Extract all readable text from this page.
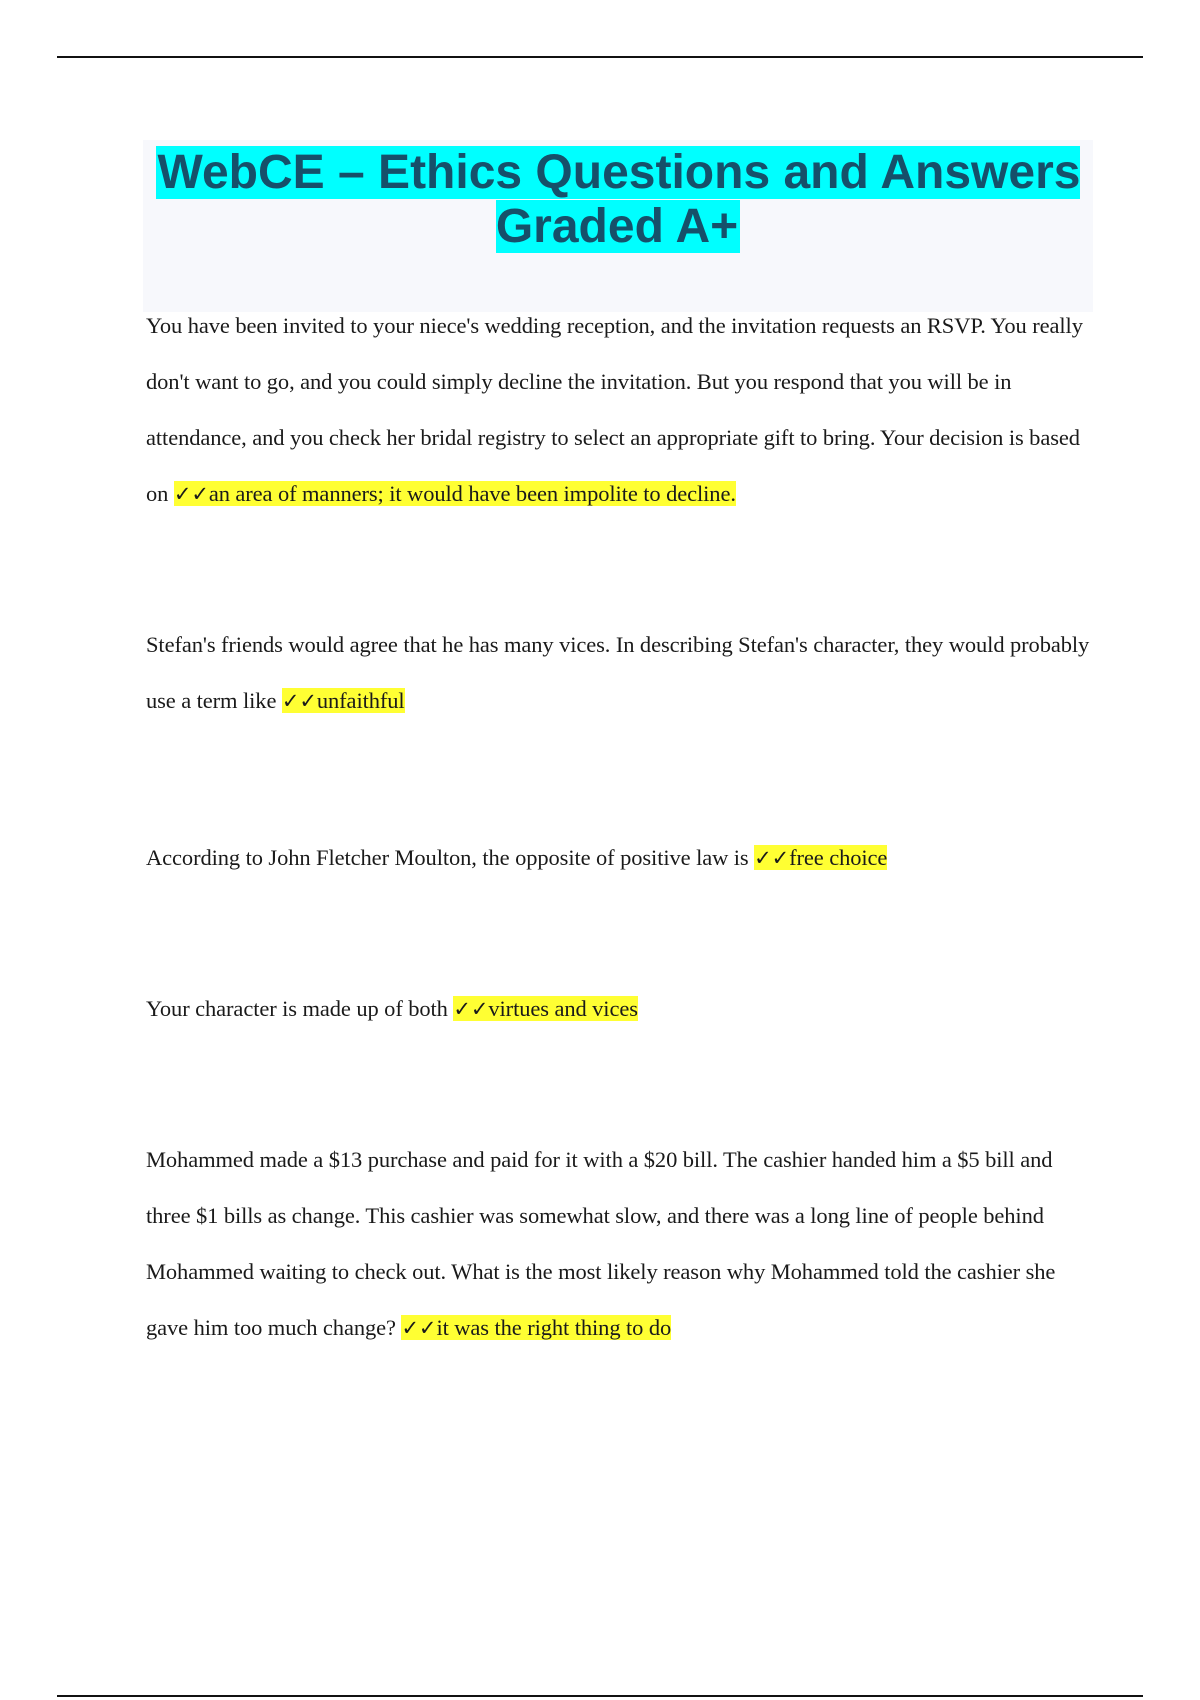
WebCE – Ethics Questions and Answers Graded A+

You have been invited to your niece's wedding reception, and the invitation requests an RSVP. You really don't want to go, and you could simply decline the invitation. But you respond that you will be in attendance, and you check her bridal registry to select an appropriate gift to bring. Your decision is based on ✓✓an area of manners; it would have been impolite to decline.

Stefan's friends would agree that he has many vices. In describing Stefan's character, they would probably use a term like ✓✓unfaithful

According to John Fletcher Moulton, the opposite of positive law is ✓✓free choice

Your character is made up of both ✓✓virtues and vices

Mohammed made a $13 purchase and paid for it with a $20 bill. The cashier handed him a $5 bill and three $1 bills as change. This cashier was somewhat slow, and there was a long line of people behind Mohammed waiting to check out. What is the most likely reason why Mohammed told the cashier she gave him too much change? ✓✓it was the right thing to do
